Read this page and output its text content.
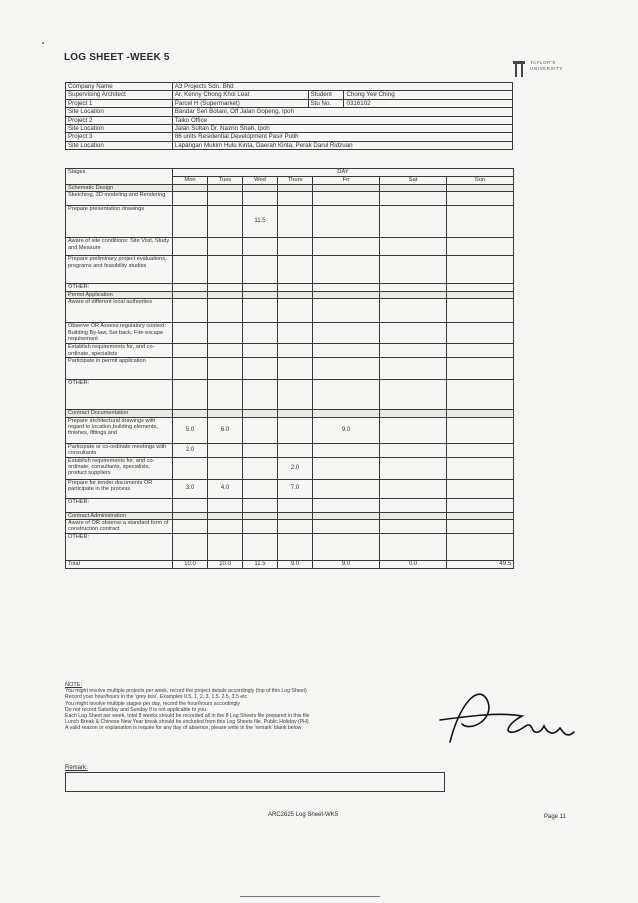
LOG SHEET -WEEK 5	TAYLOR'S
UNIVERSITY
Company Name	A3 Projects Sdn. Bhd		
Supervising Architect	Ar. Kenny Chong Khoi Leat	Student	Chong Yee Ching
Project 1	Parcel H (Supermarket)	Stu No.	0316102
Site Location	Bandar Seri Botani, Off Jalan Gopeng, Ipoh		
Project 2	Taiko Office		
Site Location	Jalan Sultan Dr. Nazrin Shah, Ipoh		
Project 3	86 units Residential Development Pasir Putih		
Site Location	Lapangan Mukim Hulu Kinta, Daerah Kinta, Perak Darul Ridzuan		
Stages	DAY						
	Mon	Tues	Wed	Thurs	Fri	Sat	Sun
Schematic Design							
Sketching, 3D modeling and Rendering							
Prepare presentation drawings			11.5				
Aware of site conditions: Site Visit, Study and Measure							
Prepare preliminary project evaluations, programs and feasibility studies							
OTHER:							
Permit Application							
Aware of different local authorities							
Observe OR Assess regulatory context: Building By-law, Set back, Fire escape requirement							
Establish requirements for, and co-ordinate, specialists							
Participate in permit application							
OTHER:							
Contract Documentation							
Prepare architectural drawings with regard to location,building elements, finishes, fittings and	5.0	6.0			9.0		
Participate or co-ordinate meetings with consultants	2.0						
Establish requirements for, and co-ordinate, consultants, specialists, product suppliers				2.0			
Prepare for tender documents OR participate in the process	3.0	4.0		7.0			
OTHER:							
Contract Administration							
Aware of OR observe a standard form of construction contract							
OTHER:							
Total	10.0	10.0	11.5	9.0	9.0	0.0	49.5
NOTE:
You might involve multiple projects per week, record the project details accordingly (top of this Log Sheet)
Record your hour/hours in the 'grey box'. Examples 0.5, 1, 2, 3, 1.5, 2.5, 3.5 etc
You might involve multiple stages per day, record the hour/hours accordingly
Do not record Saturday and Sunday if is not applicable to you
Each Log Sheet per week, total 8 weeks should be recorded all in the 8 Log Sheets file prepared in this file
Lunch Break & Chinese New Year break should be excluded from this Log Sheets file. Public Holiday (PH)
A valid reason or explanation is require for any day of absence, please write in the 'remark' blank below
Remark:
ARC2625 Log Sheet-WK5	Page 11
